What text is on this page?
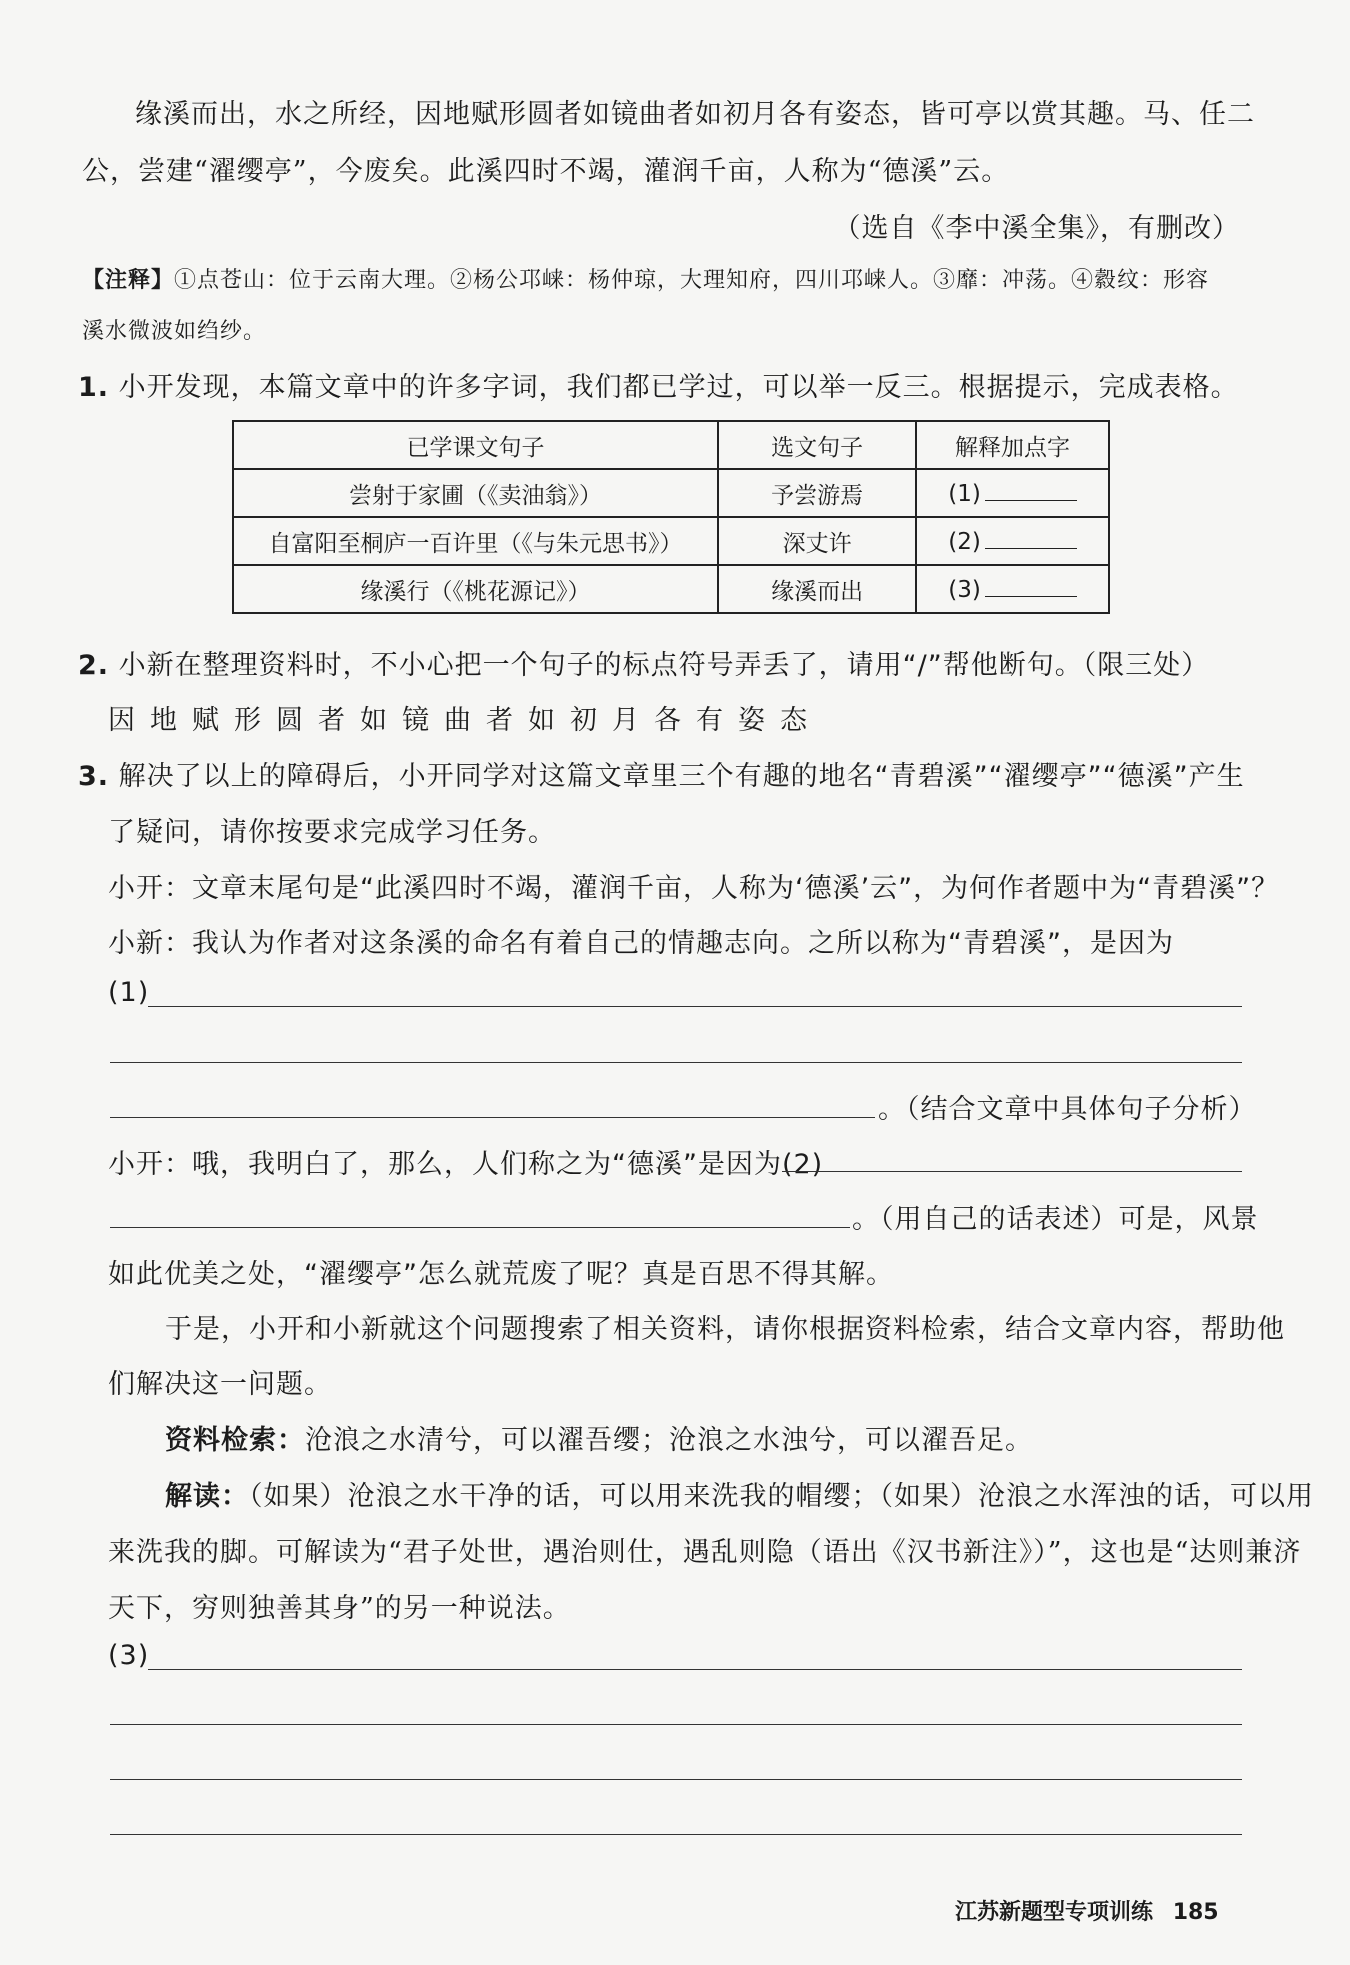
缘溪而出，水之所经，因地赋形圆者如镜曲者如初月各有姿态，皆可亭以赏其趣。马、任二
公，尝建“濯缨亭”，今废矣。此溪四时不竭，灌润千亩，人称为“德溪”云。
（选自《李中溪全集》，有删改）
【注释】①点苍山：位于云南大理。②杨公邛崃：杨仲琼，大理知府，四川邛崃人。③靡：冲荡。④縠纹：形容
溪水微波如绉纱。
1. 小开发现，本篇文章中的许多字词，我们都已学过，可以举一反三。根据提示，完成表格。
已学课文句子	选文句子	解释加点字
尝射于家圃（《卖油翁》）	予尝游焉	(1)
自富阳至桐庐一百许里（《与朱元思书》）	深丈许	(2)
缘溪行（《桃花源记》）	缘溪而出	(3)
2. 小新在整理资料时，不小心把一个句子的标点符号弄丢了，请用“/”帮他断句。（限三处）
因地赋形圆者如镜曲者如初月各有姿态
3. 解决了以上的障碍后，小开同学对这篇文章里三个有趣的地名“青碧溪”“濯缨亭”“德溪”产生
了疑问，请你按要求完成学习任务。
小开：文章末尾句是“此溪四时不竭，灌润千亩，人称为‘德溪’云”，为何作者题中为“青碧溪”？
小新：我认为作者对这条溪的命名有着自己的情趣志向。之所以称为“青碧溪”，是因为
(1)
。（结合文章中具体句子分析）
小开：哦，我明白了，那么，人们称之为“德溪”是因为(2)
。（用自己的话表述）可是，风景
如此优美之处，“濯缨亭”怎么就荒废了呢？真是百思不得其解。
于是，小开和小新就这个问题搜索了相关资料，请你根据资料检索，结合文章内容，帮助他
们解决这一问题。
资料检索：沧浪之水清兮，可以濯吾缨；沧浪之水浊兮，可以濯吾足。
解读：（如果）沧浪之水干净的话，可以用来洗我的帽缨；（如果）沧浪之水浑浊的话，可以用
来洗我的脚。可解读为“君子处世，遇治则仕，遇乱则隐（语出《汉书新注》）”，这也是“达则兼济
天下，穷则独善其身”的另一种说法。
(3)
江苏新题型专项训练 185
